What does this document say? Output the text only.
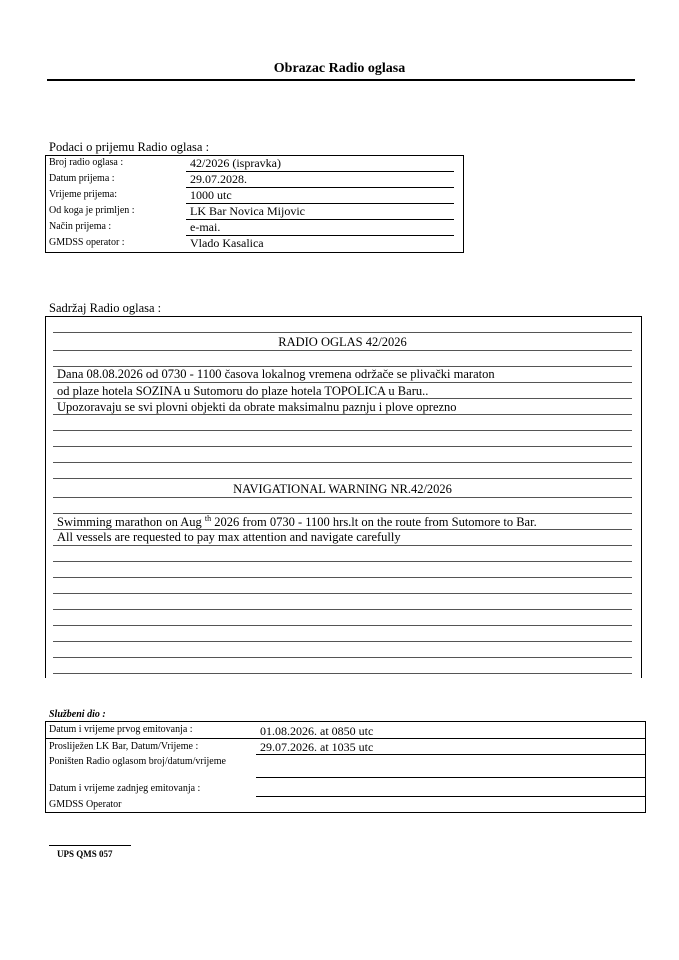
Obrazac Radio oglasa
Podaci o prijemu Radio oglasa :
Broj radio oglasa :	42/2026 (ispravka)
Datum prijema :	29.07.2028.
Vrijeme prijema:	1000 utc
Od koga je primljen :	LK Bar Novica Mijovic
Način prijema :	e-mai.
GMDSS operator :	Vlado Kasalica
Sadržaj Radio oglasa :
RADIO OGLAS 42/2026
Dana 08.08.2026 od 0730 - 1100 časova lokalnog vremena održače se plivački maraton
od plaze hotela SOZINA u Sutomoru do plaze hotela TOPOLICA u Baru..
Upozoravaju se svi plovni objekti da obrate maksimalnu paznju i plove oprezno
NAVIGATIONAL WARNING NR.42/2026
Swimming marathon on Aug $^{th}$ 2026 from 0730 - 1100 hrs.lt on the route from Sutomore to Bar.
All vessels are requested to pay max attention and navigate carefully
Službeni dio :
Datum i vrijeme prvog emitovanja :	01.08.2026. at 0850 utc
Prosliježen LK Bar, Datum/Vrijeme :	29.07.2026. at 1035 utc
Poništen Radio oglasom broj/datum/vrijeme
Datum i vrijeme zadnjeg emitovanja :
GMDSS Operator
UPS QMS 057
